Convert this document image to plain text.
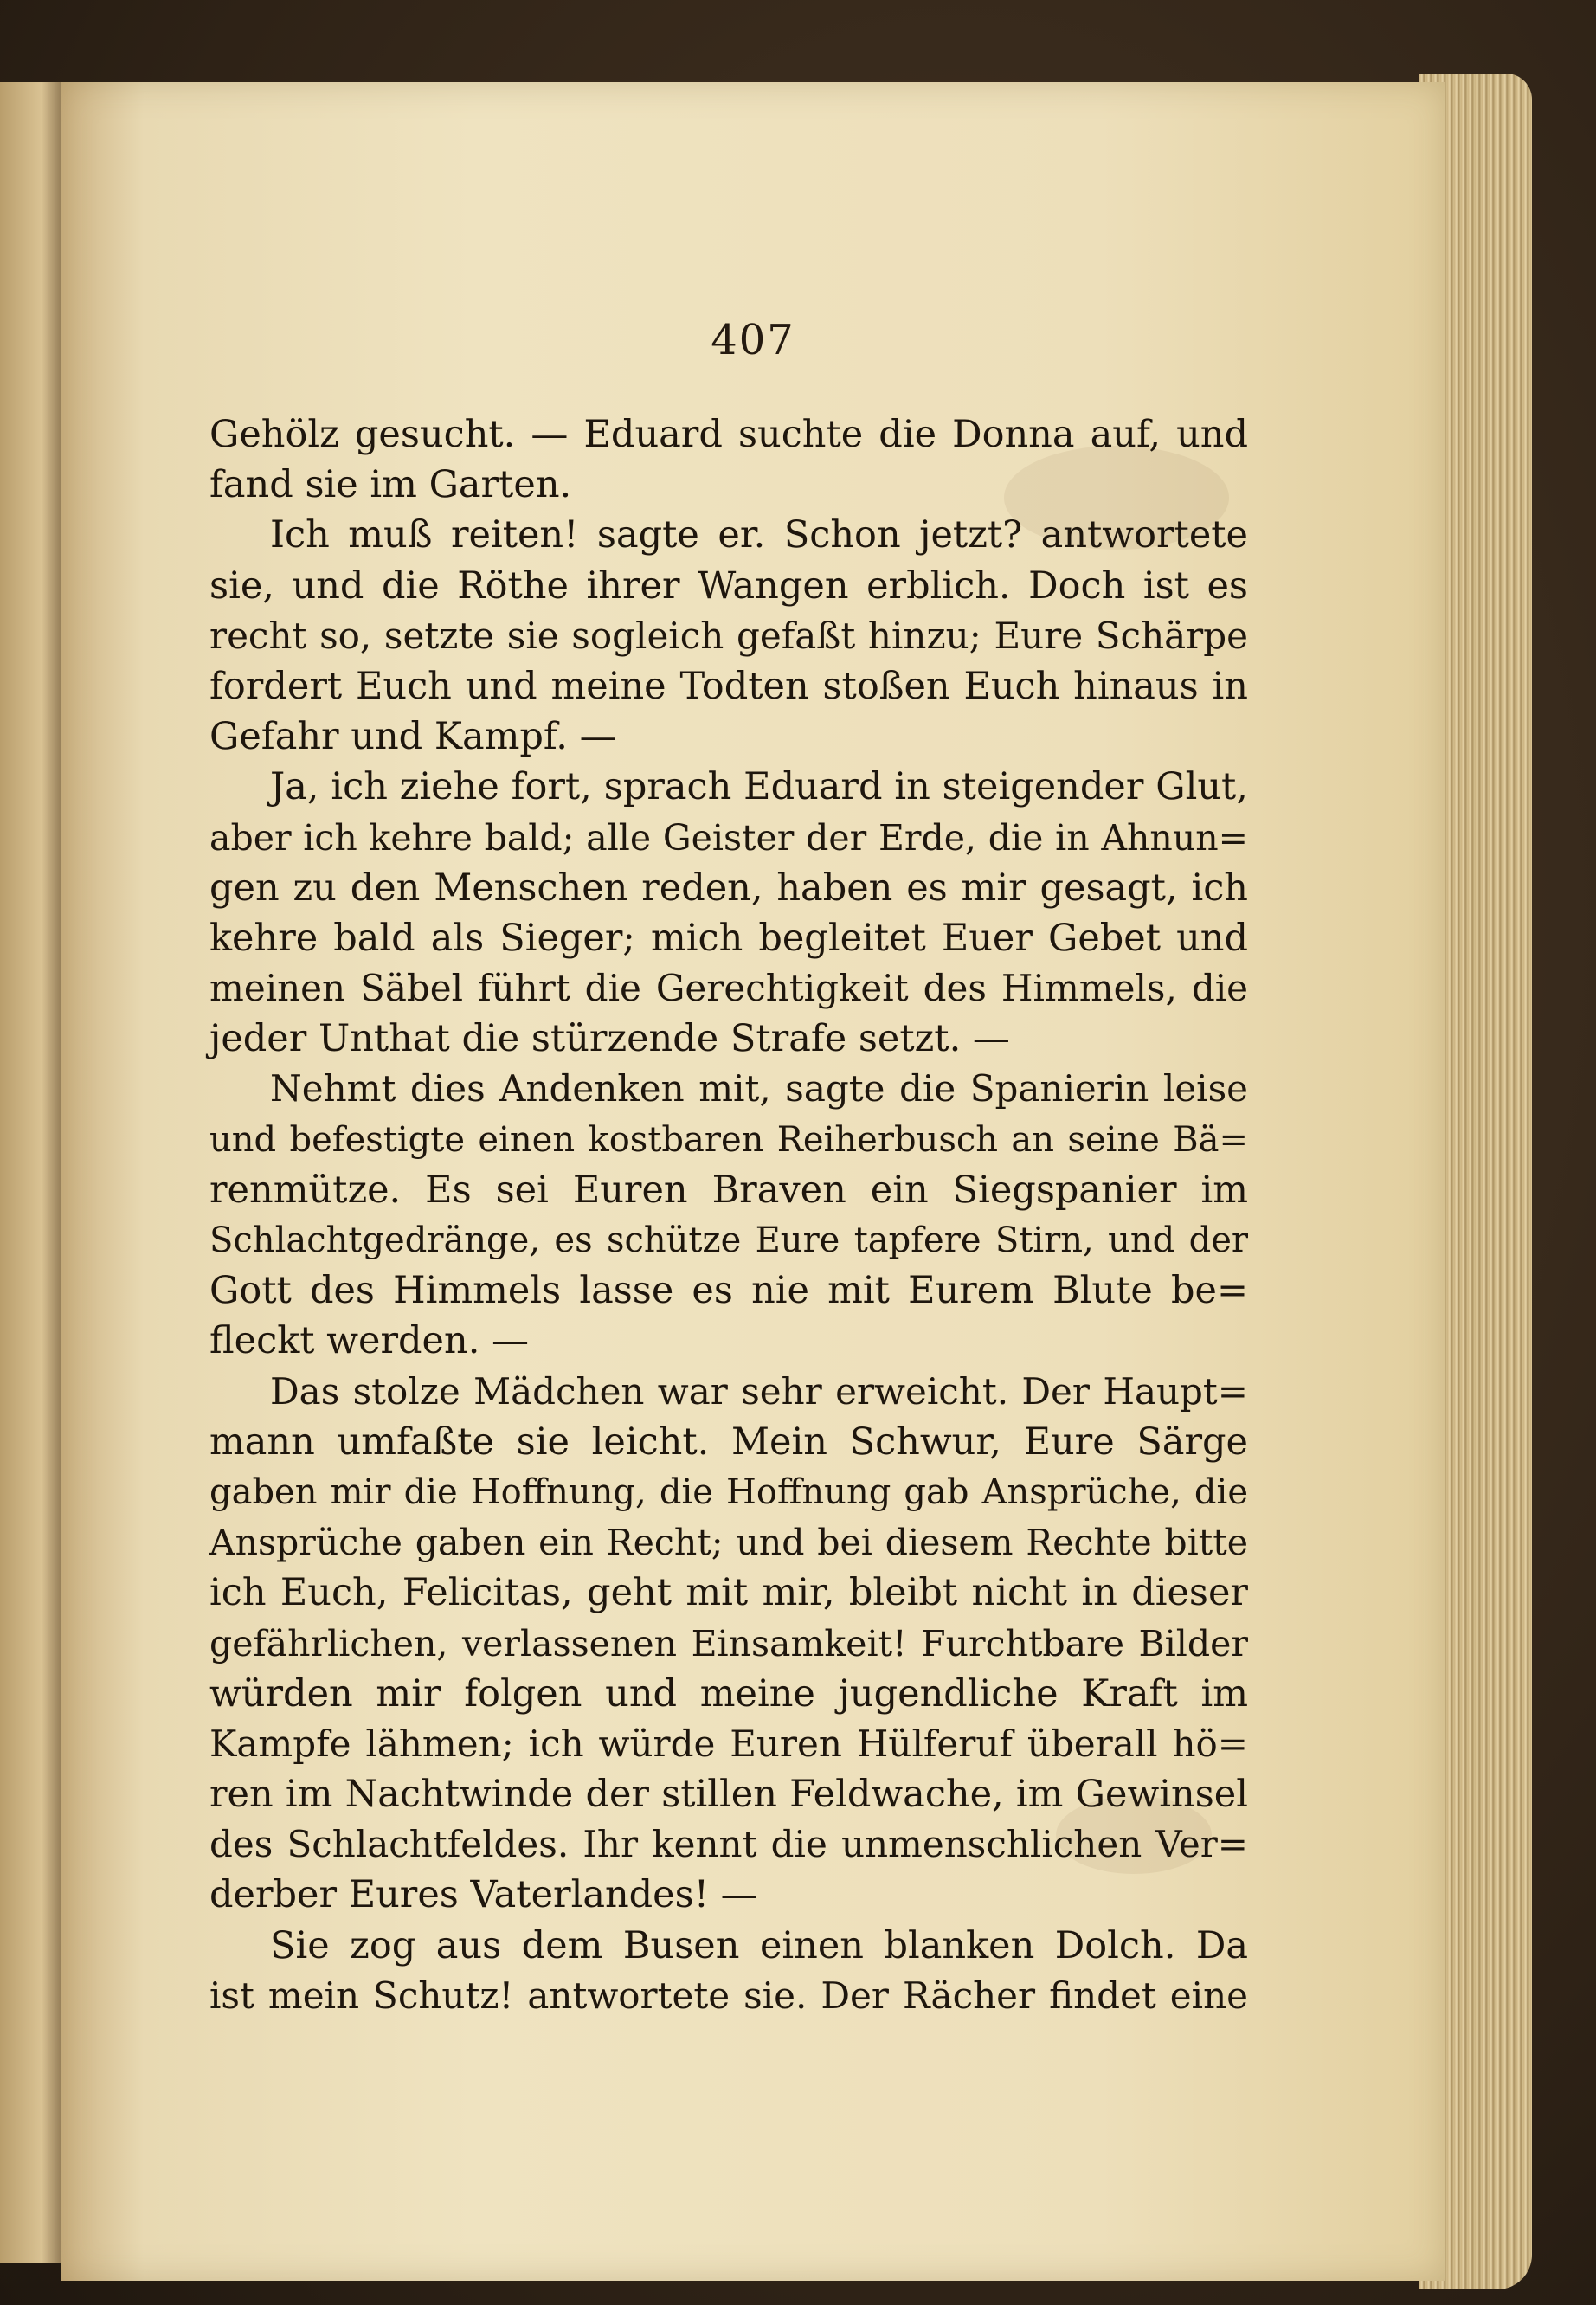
407
Gehölz gesucht. — Eduard suchte die Donna auf, und
fand sie im Garten.
Ich muß reiten! sagte er. Schon jetzt? antwortete
sie, und die Röthe ihrer Wangen erblich. Doch ist es
recht so, setzte sie sogleich gefaßt hinzu; Eure Schärpe
fordert Euch und meine Todten stoßen Euch hinaus in
Gefahr und Kampf. —
Ja, ich ziehe fort, sprach Eduard in steigender Glut,
aber ich kehre bald; alle Geister der Erde, die in Ahnun=
gen zu den Menschen reden, haben es mir gesagt, ich
kehre bald als Sieger; mich begleitet Euer Gebet und
meinen Säbel führt die Gerechtigkeit des Himmels, die
jeder Unthat die stürzende Strafe setzt. —
Nehmt dies Andenken mit, sagte die Spanierin leise
und befestigte einen kostbaren Reiherbusch an seine Bä=
renmütze. Es sei Euren Braven ein Siegspanier im
Schlachtgedränge, es schütze Eure tapfere Stirn, und der
Gott des Himmels lasse es nie mit Eurem Blute be=
fleckt werden. —
Das stolze Mädchen war sehr erweicht. Der Haupt=
mann umfaßte sie leicht. Mein Schwur, Eure Särge
gaben mir die Hoffnung, die Hoffnung gab Ansprüche, die
Ansprüche gaben ein Recht; und bei diesem Rechte bitte
ich Euch, Felicitas, geht mit mir, bleibt nicht in dieser
gefährlichen, verlassenen Einsamkeit! Furchtbare Bilder
würden mir folgen und meine jugendliche Kraft im
Kampfe lähmen; ich würde Euren Hülferuf überall hö=
ren im Nachtwinde der stillen Feldwache, im Gewinsel
des Schlachtfeldes. Ihr kennt die unmenschlichen Ver=
derber Eures Vaterlandes! —
Sie zog aus dem Busen einen blanken Dolch. Da
ist mein Schutz! antwortete sie. Der Rächer findet eine
